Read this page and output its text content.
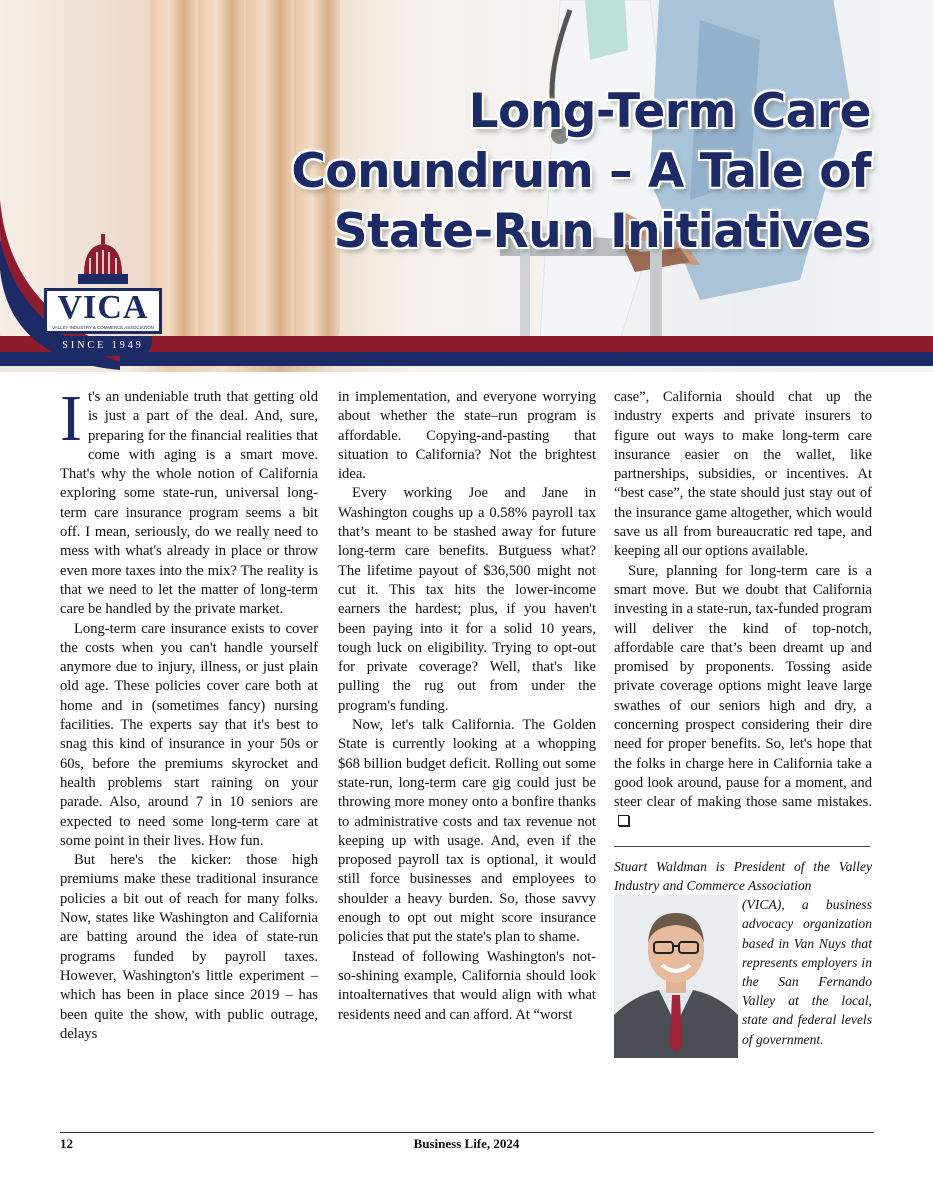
Long-Term Care
Conundrum – A Tale of
State-Run Initiatives
VICA
VALLEY INDUSTRY & COMMERCE ASSOCIATION
SINCE 1949

It's an undeniable truth that getting old is just a part of the deal. And, sure, preparing for the financial realities that come with aging is a smart move. That's why the whole notion of California exploring some state-run, universal long-term care insurance program seems a bit off. I mean, seriously, do we really need to mess with what's already in place or throw even more taxes into the mix? The reality is that we need to let the matter of long-term care be handled by the private market.

Long-term care insurance exists to cover the costs when you can't handle yourself anymore due to injury, illness, or just plain old age. These policies cover care both at home and in (sometimes fancy) nursing facilities. The experts say that it's best to snag this kind of insurance in your 50s or 60s, before the premiums skyrocket and health problems start raining on your parade. Also, around 7 in 10 seniors are expected to need some long-term care at some point in their lives. How fun.

But here's the kicker: those high premiums make these traditional insurance policies a bit out of reach for many folks. Now, states like Washington and California are batting around the idea of state-run programs funded by payroll taxes. However, Washington's little experiment – which has been in place since 2019 – has been quite the show, with public outrage, delays

in implementation, and everyone worrying about whether the state–run program is affordable. Copying-and-pasting that situation to California? Not the brightest idea.

Every working Joe and Jane in Washington coughs up a 0.58% payroll tax that’s meant to be stashed away for future long-term care benefits. Butguess what? The lifetime payout of $36,500 might not cut it. This tax hits the lower-income earners the hardest; plus, if you haven't been paying into it for a solid 10 years, tough luck on eligibility. Trying to opt-out for private coverage? Well, that's like pulling the rug out from under the program's funding.

Now, let's talk California. The Golden State is currently looking at a whopping $68 billion budget deficit. Rolling out some state-run, long-term care gig could just be throwing more money onto a bonfire thanks to administrative costs and tax revenue not keeping up with usage. And, even if the proposed payroll tax is optional, it would still force businesses and employees to shoulder a heavy burden. So, those savvy enough to opt out might score insurance policies that put the state's plan to shame.

Instead of following Washington's not-so-shining example, California should look intoalternatives that would align with what residents need and can afford. At “worst

case”, California should chat up the industry experts and private insurers to figure out ways to make long-term care insurance easier on the wallet, like partnerships, subsidies, or incentives. At “best case”, the state should just stay out of the insurance game altogether, which would save us all from bureaucratic red tape, and keeping all our options available.

Sure, planning for long-term care is a smart move. But we doubt that California investing in a state-run, tax-funded program will deliver the kind of top-notch, affordable care that’s been dreamt up and promised by proponents. Tossing aside private coverage options might leave large swathes of our seniors high and dry, a concerning prospect considering their dire need for proper benefits. So, let's hope that the folks in charge here in California take a good look around, pause for a moment, and steer clear of making those same mistakes.

Stuart Waldman is President of the Valley Industry and Commerce Association
(VICA), a business advocacy organization based in Van Nuys that represents employers in the San Fernando Valley at the local, state and federal levels of government.
12	Business Life, 2024
